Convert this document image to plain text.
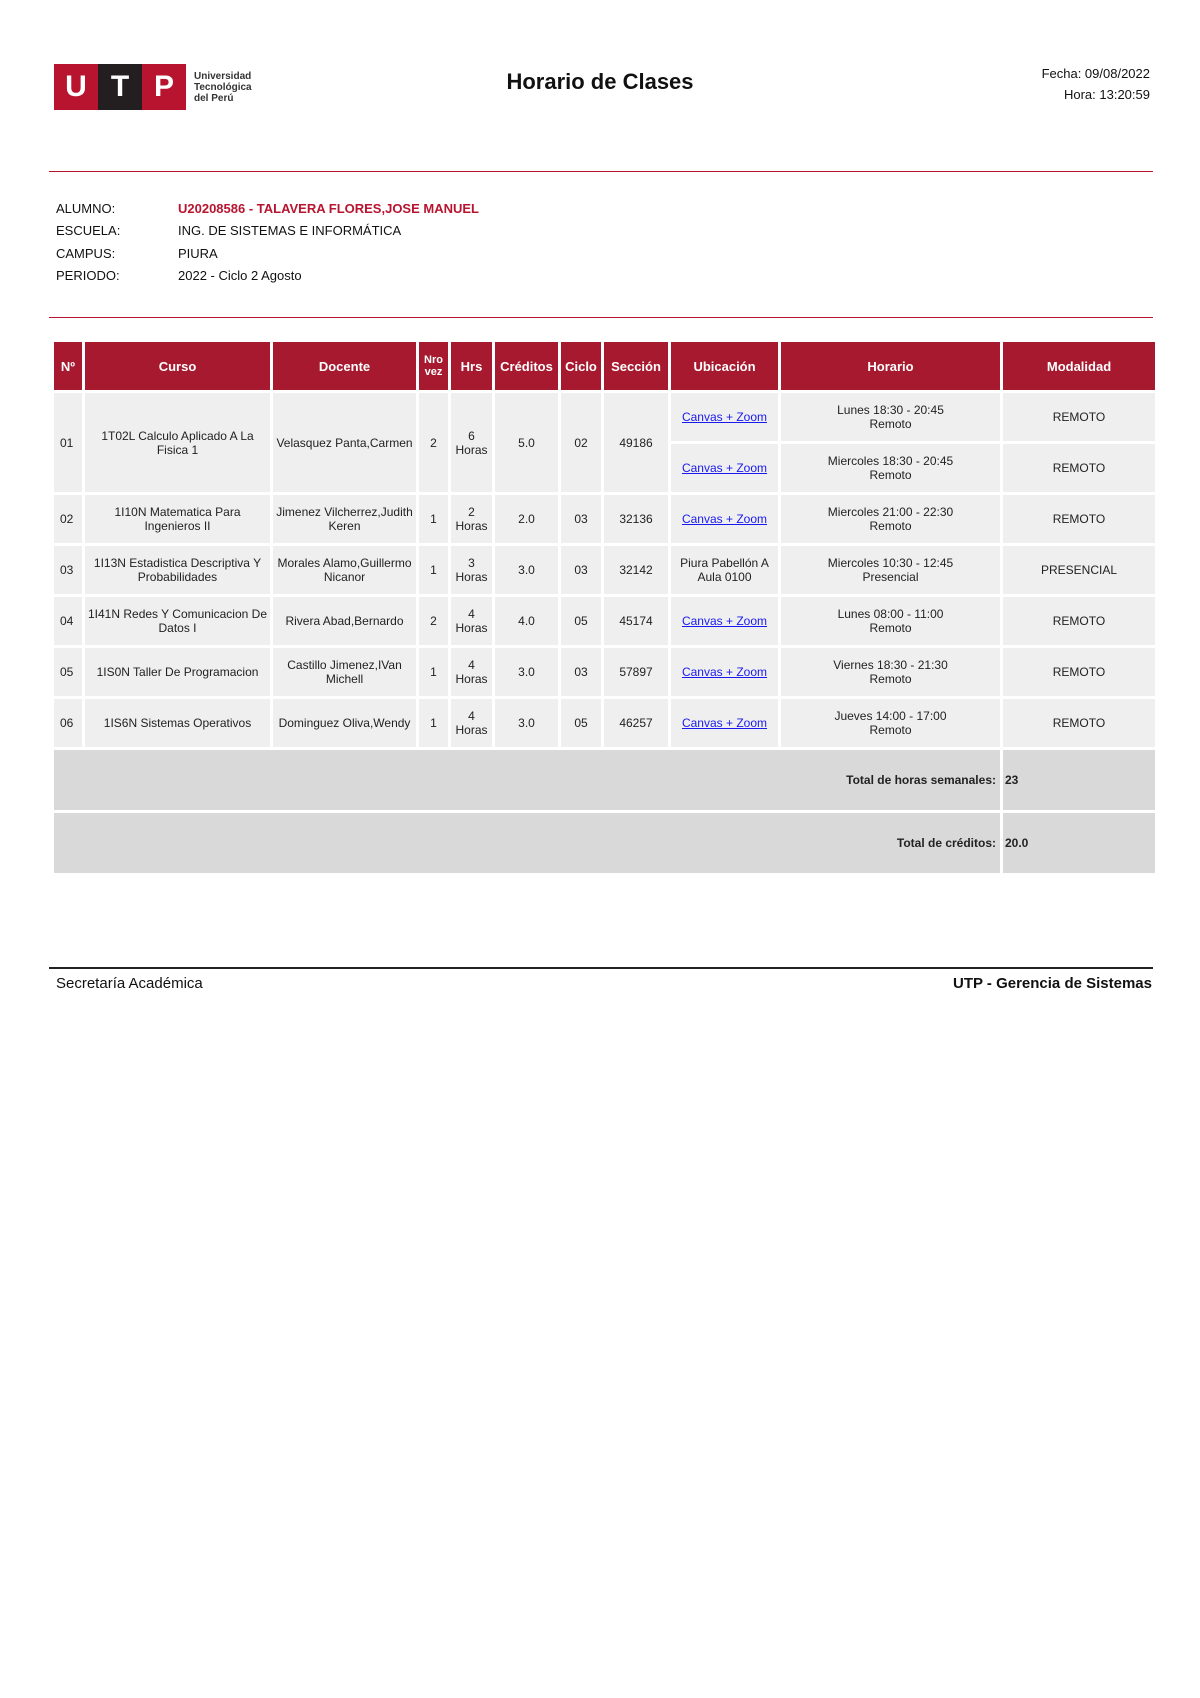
U T P	Universidad
Tecnológica
del Perú
Horario de Clases	Fecha: 09/08/2022
Hora: 13:20:59
ALUMNO:	U20208586 - TALAVERA FLORES,JOSE MANUEL
ESCUELA:	ING. DE SISTEMAS E INFORMÁTICA
CAMPUS:	PIURA
PERIODO:	2022 - Ciclo 2 Agosto
Nº	Curso	Docente	Nro vez	Hrs	Créditos	Ciclo	Sección	Ubicación	Horario	Modalidad
01	1T02L Calculo Aplicado A La Fisica 1	Velasquez Panta,Carmen	2	6 Horas	5.0	02	49186	Canvas + Zoom	Lunes 18:30 - 20:45
Remoto	REMOTO
								Canvas + Zoom	Miercoles 18:30 - 20:45
Remoto	REMOTO
02	1I10N Matematica Para Ingenieros II	Jimenez Vilcherrez,Judith Keren	1	2 Horas	2.0	03	32136	Canvas + Zoom	Miercoles 21:00 - 22:30
Remoto	REMOTO
03	1I13N Estadistica Descriptiva Y Probabilidades	Morales Alamo,Guillermo Nicanor	1	3 Horas	3.0	03	32142	Piura Pabellón A Aula 0100	Miercoles 10:30 - 12:45
Presencial	PRESENCIAL
04	1I41N Redes Y Comunicacion De Datos I	Rivera Abad,Bernardo	2	4 Horas	4.0	05	45174	Canvas + Zoom	Lunes 08:00 - 11:00
Remoto	REMOTO
05	1IS0N Taller De Programacion	Castillo Jimenez,IVan Michell	1	4 Horas	3.0	03	57897	Canvas + Zoom	Viernes 18:30 - 21:30
Remoto	REMOTO
06	1IS6N Sistemas Operativos	Dominguez Oliva,Wendy	1	4 Horas	3.0	05	46257	Canvas + Zoom	Jueves 14:00 - 17:00
Remoto	REMOTO
Total de horas semanales:										23
Total de créditos:										20.0
Secretaría Académica	UTP - Gerencia de Sistemas
